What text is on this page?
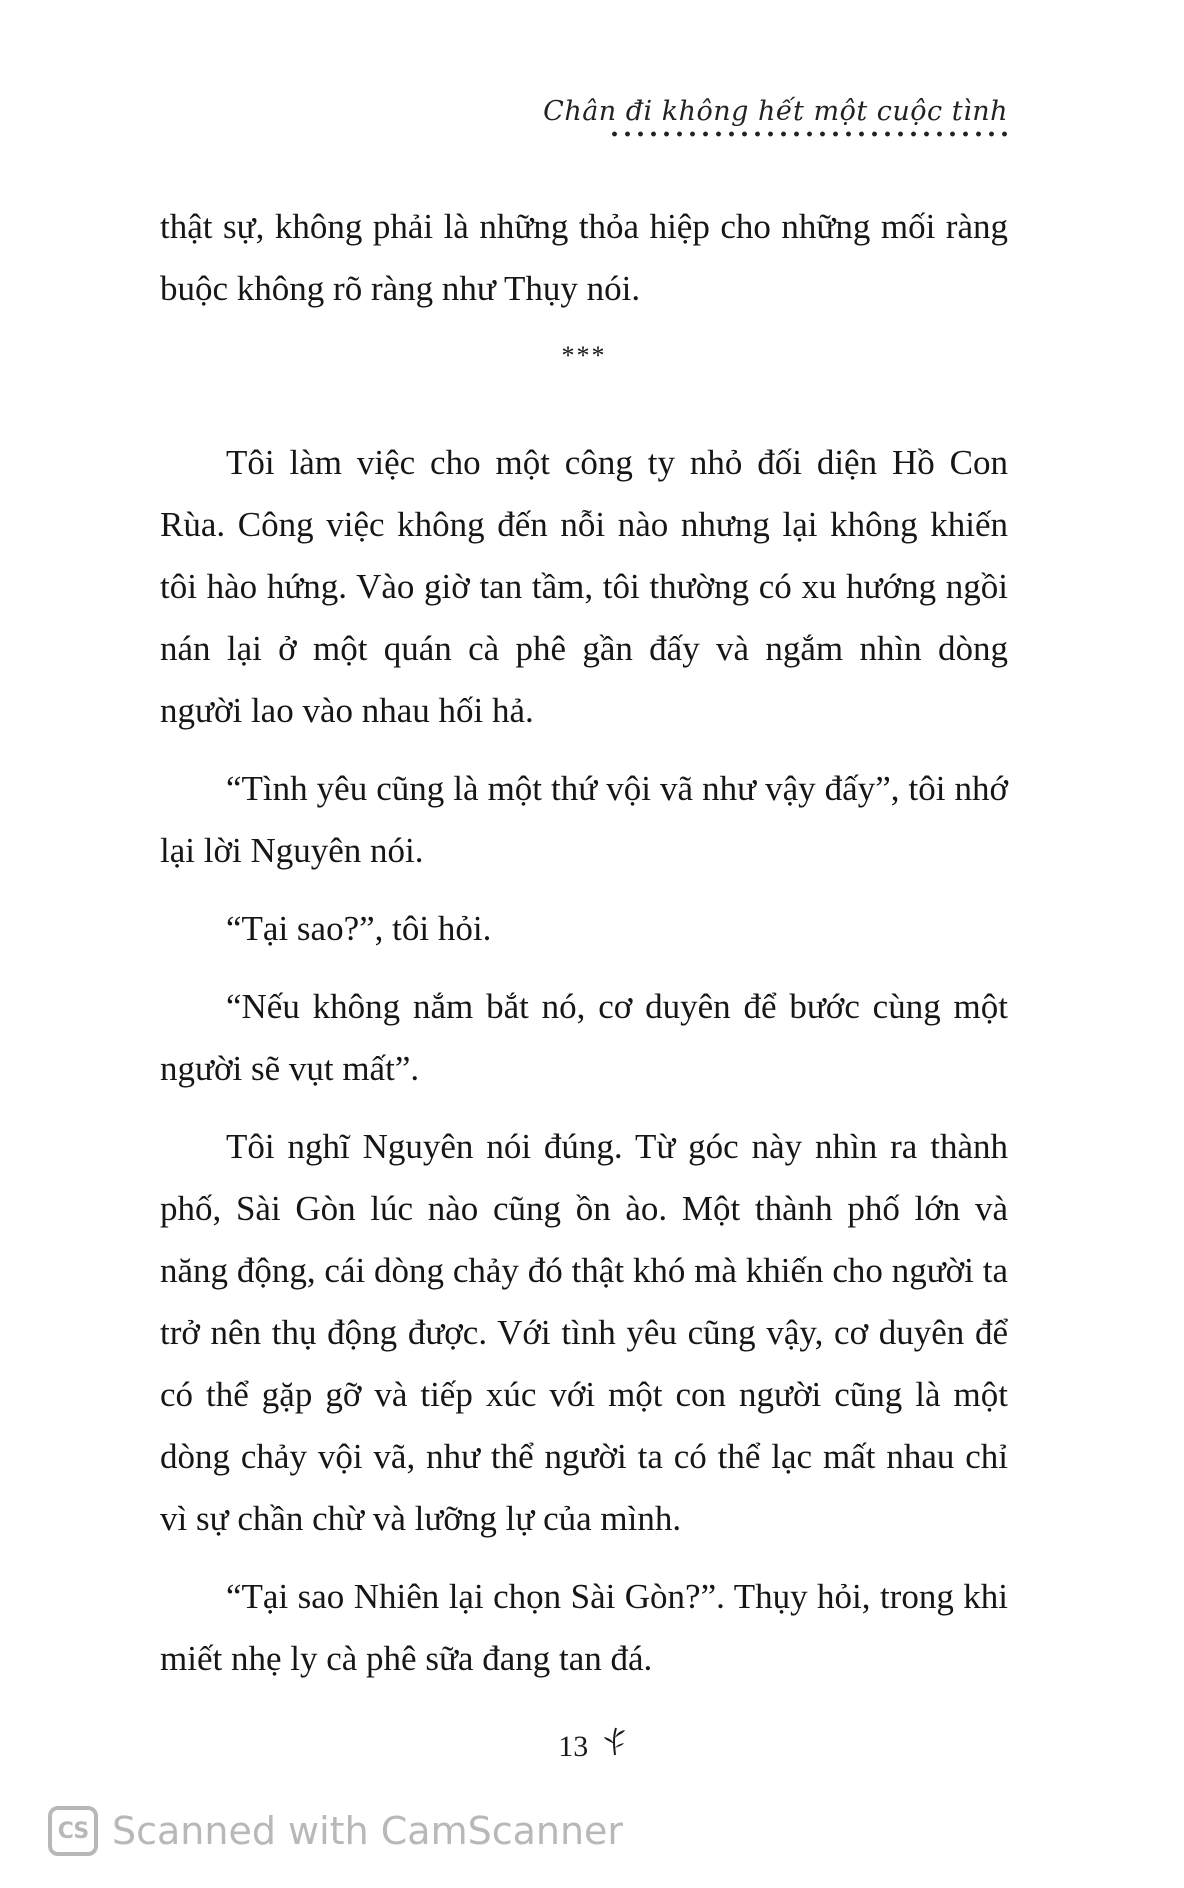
Chân đi không hết một cuộc tình

thật sự, không phải là những thỏa hiệp cho những mối ràng buộc không rõ ràng như Thụy nói.

***

Tôi làm việc cho một công ty nhỏ đối diện Hồ Con Rùa. Công việc không đến nỗi nào nhưng lại không khiến tôi hào hứng. Vào giờ tan tầm, tôi thường có xu hướng ngồi nán lại ở một quán cà phê gần đấy và ngắm nhìn dòng người lao vào nhau hối hả.

“Tình yêu cũng là một thứ vội vã như vậy đấy”, tôi nhớ lại lời Nguyên nói.

“Tại sao?”, tôi hỏi.

“Nếu không nắm bắt nó, cơ duyên để bước cùng một người sẽ vụt mất”.

Tôi nghĩ Nguyên nói đúng. Từ góc này nhìn ra thành phố, Sài Gòn lúc nào cũng ồn ào. Một thành phố lớn và năng động, cái dòng chảy đó thật khó mà khiến cho người ta trở nên thụ động được. Với tình yêu cũng vậy, cơ duyên để có thể gặp gỡ và tiếp xúc với một con người cũng là một dòng chảy vội vã, như thể người ta có thể lạc mất nhau chỉ vì sự chần chừ và lưỡng lự của mình.

“Tại sao Nhiên lại chọn Sài Gòn?”. Thụy hỏi, trong khi miết nhẹ ly cà phê sữa đang tan đá.

13
CS Scanned with CamScanner
